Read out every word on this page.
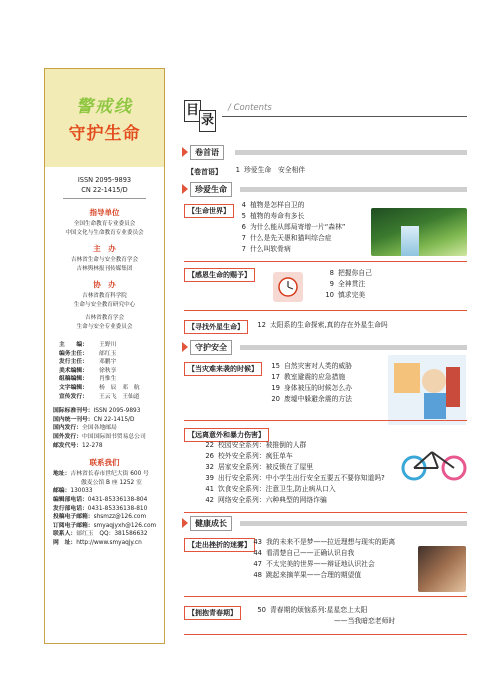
警戒线
守护生命
ISSN 2095-9893
CN 22-1415/D
指导单位
全国生命教育专业委员会
中国文化与生命教育专业委员会
主　办
吉林省生命与安全教育学会
吉林舆林报刊传媒集团
协　办
吉林省教育科学院
生命与安全教育研究中心
吉林省教育学会
生命与安全专业委员会
主　　编： 王野川
编务主任： 邰红玉
发行主任： 邓鹏宇
美术编辑： 徐秋享
组稿编辑： 肖惟生
文字编辑： 杨　辰　邓　航
宣传发行： 王云飞　王仙道
国际标准刊号：ISSN 2095-9893
国内统一刊号：CN 22-1415/D
国内发行：全国各地邮局
国外发行：中国国际图书贸易总公司
邮发代号：12-278
联系我们
地址：吉林省长春市世纪大街 600 号
傲麦公馆 B 座 1252 室
邮编：130033
编辑部电话：0431-85336138-804
发行部电话：0431-85336138-810
投稿电子邮箱：shsmzz@126.com
订阅电子邮箱：smyaqjyxh@126.com
联系人：邰红玉　QQ：381586632
网　址：http://www.smyaqjy.cn
目
录
/ Contents
卷首语
【卷首语】	1 珍爱生命　安全相伴
珍爱生命
【生命世界】
4 植物是怎样自卫的
5 植物的寿命有多长
6 为什么能从郎局寄增一片“森林”
7 什么是先天愚和猫叫综合症
7 什么叫软骨病
【感恩生命的赐予】	8 把握你自己
9 全神贯注
10 慎求完美
【寻找外星生命】	12 太阳系的生命探索,真的存在外星生命吗
守护安全
【当灾难来袭的时候】	15 自然灾害对人类的威胁
17 教室避震的应急措施
19 身体被压的时候怎么办
20 废墟中躲避余震的方法
【远离意外和暴力伤害】
22 校园安全系列：被推倒的人群
26 校外安全系列：疯狂单车
32 居家安全系列：被反锁在了屋里
39 出行安全系列：中小学生出行安全五要五不要你知道吗?
41 饮食安全系列：注意卫生,防止病从口入
42 网络安全系列：六种典型的网络诈骗
健康成长
【走出挫折的迷雾】 43 我的未来不是梦——拉近理想与现实的距离
44 看清楚自己——正确认识自我
47 不太完美的世界——辩证地认识社会
48 跳起来摘苹果——合理的期望值
【拥抱青春期】	50 青春期的烦恼系列:星星恋上太阳
——当我暗恋老师时
